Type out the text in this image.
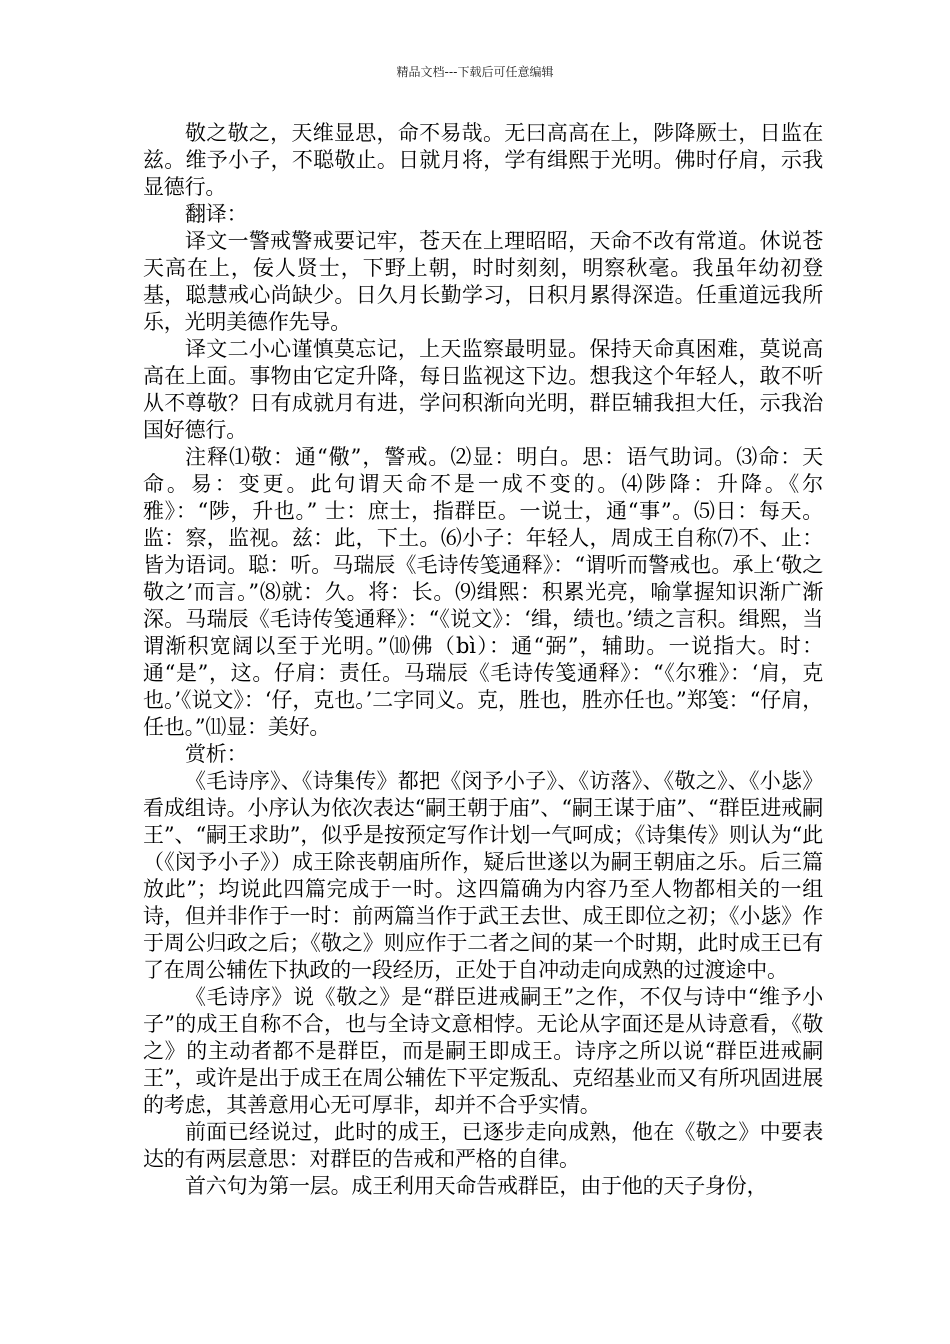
精品文档---下载后可任意编辑

敬之敬之，天维显思，命不易哉。无曰高高在上，陟降厥士，日监在兹。维予小子，不聪敬止。日就月将，学有缉熙于光明。佛时仔肩，示我显德行。

翻译：

译文一警戒警戒要记牢，苍天在上理昭昭，天命不改有常道。休说苍天高在上，佞人贤士，下野上朝，时时刻刻，明察秋毫。我虽年幼初登基，聪慧戒心尚缺少。日久月长勤学习，日积月累得深造。任重道远我所乐，光明美德作先导。

译文二小心谨慎莫忘记，上天监察最明显。保持天命真困难，莫说高高在上面。事物由它定升降，每日监视这下边。想我这个年轻人，敢不听从不尊敬？日有成就月有进，学问积渐向光明，群臣辅我担大任，示我治国好德行。

注释⑴敬：通“儆”，警戒。⑵显：明白。思：语气助词。⑶命：天命。易：变更。此句谓天命不是一成不变的。⑷陟降：升降。《尔雅》：“陟，升也。” 士：庶士，指群臣。一说士，通“事”。⑸日：每天。监：察，监视。兹：此，下土。⑹小子：年轻人，周成王自称⑺不、止：皆为语词。聪：听。马瑞辰《毛诗传笺通释》：“谓听而警戒也。承上‘敬之敬之’而言。”⑻就：久。将：长。⑼缉熙：积累光亮，喻掌握知识渐广渐深。马瑞辰《毛诗传笺通释》：“《说文》：‘缉，绩也。’绩之言积。缉熙，当谓渐积宽阔以至于光明。”⑽佛（bì）：通“弼”，辅助。一说指大。时：通“是”，这。仔肩：责任。马瑞辰《毛诗传笺通释》：“《尔雅》：‘肩，克也。’《说文》：‘仔，克也。’二字同义。克，胜也，胜亦任也。”郑笺：“仔肩，任也。”⑾显：美好。

赏析：

《毛诗序》、《诗集传》都把《闵予小子》、《访落》、《敬之》、《小毖》看成组诗。小序认为依次表达“嗣王朝于庙”、“嗣王谋于庙”、“群臣进戒嗣王”、“嗣王求助”，似乎是按预定写作计划一气呵成；《诗集传》则认为“此（《闵予小子》）成王除丧朝庙所作，疑后世遂以为嗣王朝庙之乐。后三篇放此”；均说此四篇完成于一时。这四篇确为内容乃至人物都相关的一组诗，但并非作于一时：前两篇当作于武王去世、成王即位之初；《小毖》作于周公归政之后；《敬之》则应作于二者之间的某一个时期，此时成王已有了在周公辅佐下执政的一段经历，正处于自冲动走向成熟的过渡途中。

《毛诗序》说《敬之》是“群臣进戒嗣王”之作，不仅与诗中“维予小子”的成王自称不合，也与全诗文意相悖。无论从字面还是从诗意看，《敬之》的主动者都不是群臣，而是嗣王即成王。诗序之所以说“群臣进戒嗣王”，或许是出于成王在周公辅佐下平定叛乱、克绍基业而又有所巩固进展的考虑，其善意用心无可厚非，却并不合乎实情。

前面已经说过，此时的成王，已逐步走向成熟，他在《敬之》中要表达的有两层意思：对群臣的告戒和严格的自律。

首六句为第一层。成王利用天命告戒群臣，由于他的天子身份，
